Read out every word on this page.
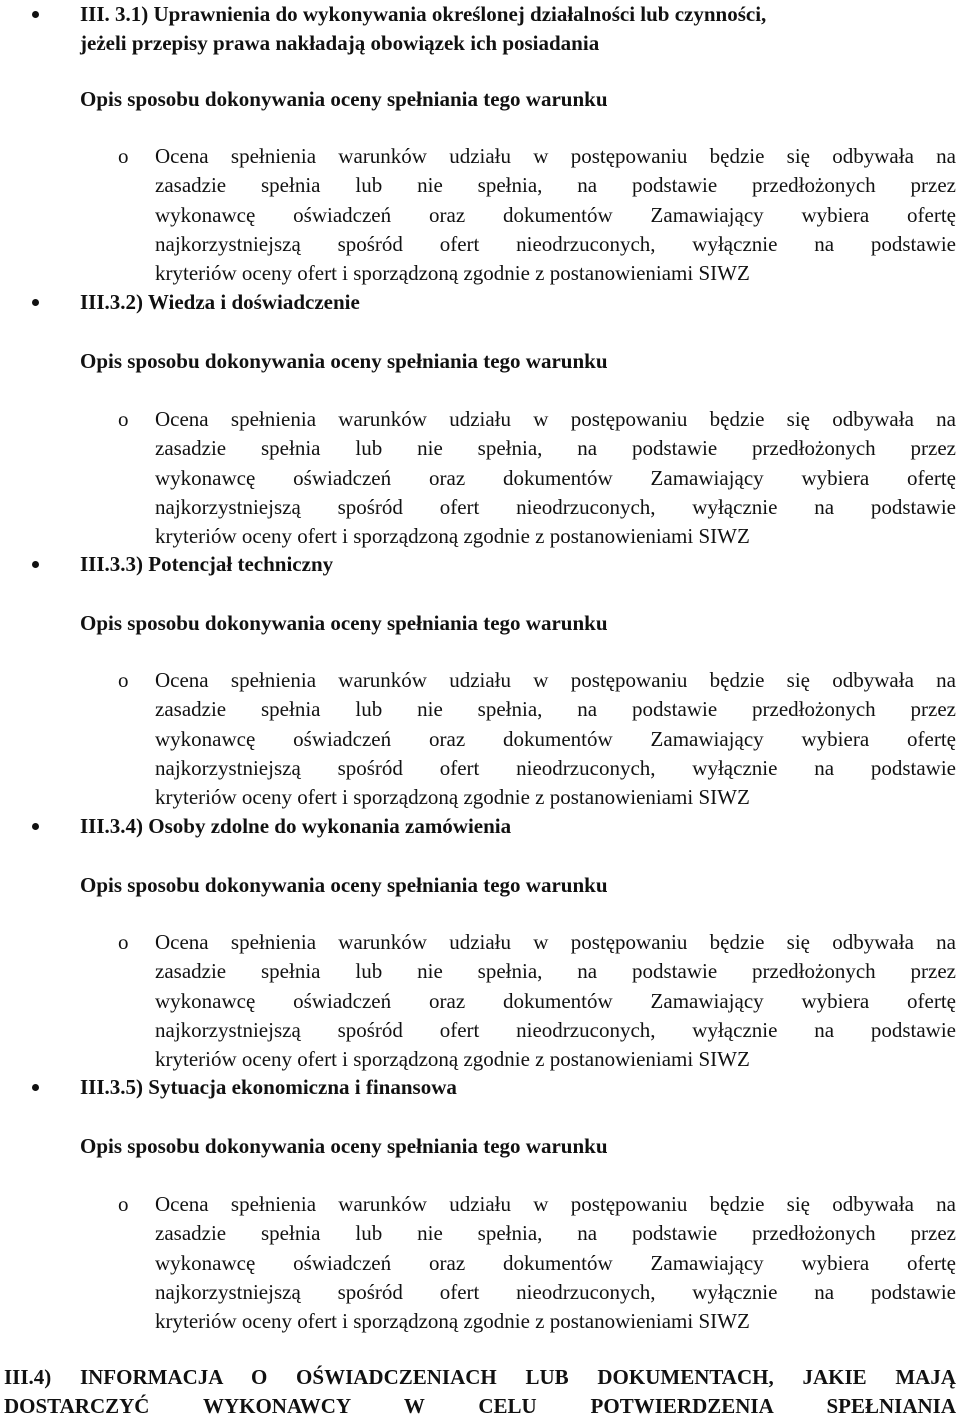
III. 3.1) Uprawnienia do wykonywania określonej działalności lub czynności,
jeżeli przepisy prawa nakładają obowiązek ich posiadania
Opis sposobu dokonywania oceny spełniania tego warunku
o Ocena spełnienia warunków udziału w postępowaniu będzie się odbywała na
zasadzie spełnia lub nie spełnia, na podstawie przedłożonych przez
wykonawcę oświadczeń oraz dokumentów Zamawiający wybiera ofertę
najkorzystniejszą spośród ofert nieodrzuconych, wyłącznie na podstawie
kryteriów oceny ofert i sporządzoną zgodnie z postanowieniami SIWZ
III.3.2) Wiedza i doświadczenie
Opis sposobu dokonywania oceny spełniania tego warunku
o Ocena spełnienia warunków udziału w postępowaniu będzie się odbywała na
zasadzie spełnia lub nie spełnia, na podstawie przedłożonych przez
wykonawcę oświadczeń oraz dokumentów Zamawiający wybiera ofertę
najkorzystniejszą spośród ofert nieodrzuconych, wyłącznie na podstawie
kryteriów oceny ofert i sporządzoną zgodnie z postanowieniami SIWZ
III.3.3) Potencjał techniczny
Opis sposobu dokonywania oceny spełniania tego warunku
o Ocena spełnienia warunków udziału w postępowaniu będzie się odbywała na
zasadzie spełnia lub nie spełnia, na podstawie przedłożonych przez
wykonawcę oświadczeń oraz dokumentów Zamawiający wybiera ofertę
najkorzystniejszą spośród ofert nieodrzuconych, wyłącznie na podstawie
kryteriów oceny ofert i sporządzoną zgodnie z postanowieniami SIWZ
III.3.4) Osoby zdolne do wykonania zamówienia
Opis sposobu dokonywania oceny spełniania tego warunku
o Ocena spełnienia warunków udziału w postępowaniu będzie się odbywała na
zasadzie spełnia lub nie spełnia, na podstawie przedłożonych przez
wykonawcę oświadczeń oraz dokumentów Zamawiający wybiera ofertę
najkorzystniejszą spośród ofert nieodrzuconych, wyłącznie na podstawie
kryteriów oceny ofert i sporządzoną zgodnie z postanowieniami SIWZ
III.3.5) Sytuacja ekonomiczna i finansowa
Opis sposobu dokonywania oceny spełniania tego warunku
o Ocena spełnienia warunków udziału w postępowaniu będzie się odbywała na
zasadzie spełnia lub nie spełnia, na podstawie przedłożonych przez
wykonawcę oświadczeń oraz dokumentów Zamawiający wybiera ofertę
najkorzystniejszą spośród ofert nieodrzuconych, wyłącznie na podstawie
kryteriów oceny ofert i sporządzoną zgodnie z postanowieniami SIWZ
III.4) INFORMACJA O OŚWIADCZENIACH LUB DOKUMENTACH, JAKIE MAJĄ
DOSTARCZYĆ WYKONAWCY W CELU POTWIERDZENIA SPEŁNIANIA
